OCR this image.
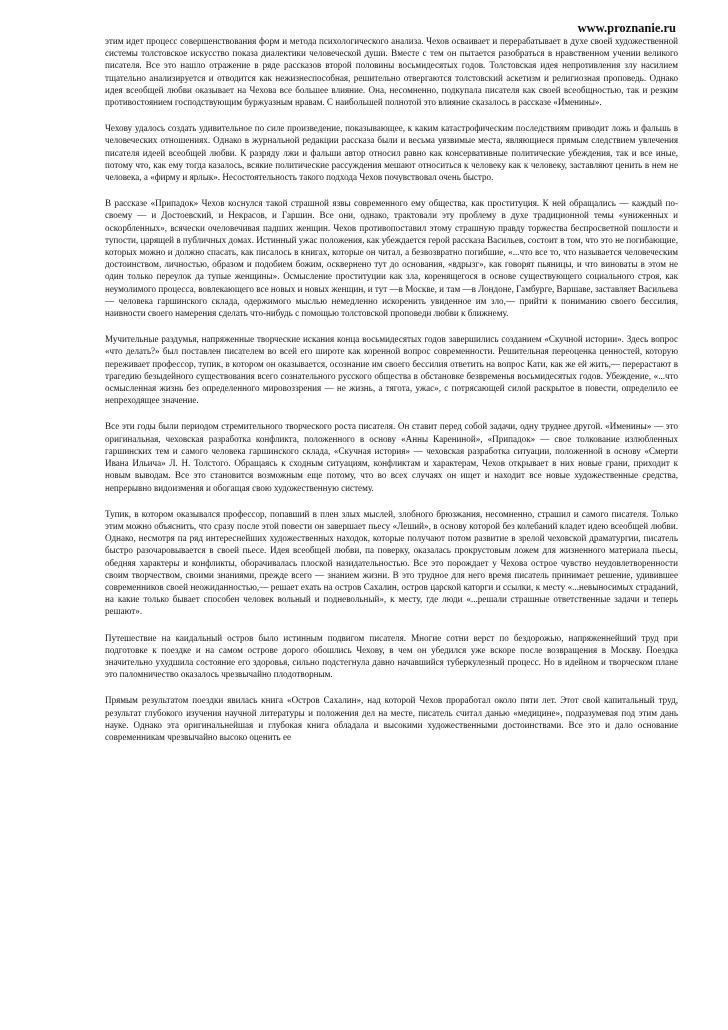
www.proznanie.ru

этим идет процесс совершенствования форм и метода психологического анализа. Чехов осваивает и перерабатывает в духе своей художественной системы толстовское искусство показа диалектики человеческой души. Вместе с тем он пытается разобраться в нравственном учении великого писателя. Все это нашло отражение в ряде рассказов второй половины восьмидесятых годов. Толстовская идея непротивления злу насилием тщательно анализируется и отводится как нежизнеспособная, решительно отвергаются толстовский аскетизм и религиозная проповедь. Однако идея всеобщей любви оказывает на Чехова все большее влияние. Она, несомненно, подкупала писателя как своей всеобщностью, так и резким противостоянием господствующим буржуазным нравам. С наибольшей полнотой это влияние сказалось в рассказе «Именины».

Чехову удалось создать удивительное по силе произведение, показывающее, к каким катастрофическим последствиям приводит ложь и фальшь в человеческих отношениях. Однако в журнальной редакции рассказа были и весьма уязвимые места, являющиеся прямым следствием увлечения писателя идеей всеобщей любви. К разряду лжи и фальши автор относил равно как консервативные политические убеждения, так и все иные, потому что, как ему тогда казалось, всякие политические рассуждения мешают относиться к человеку как к человеку, заставляют ценить в нем не человека, а «фирму и ярлык». Несостоятельность такого подхода Чехов почувствовал очень быстро.

В рассказе «Припадок» Чехов коснулся такой страшной язвы современного ему общества, как проституция. К ней обращались — каждый по-своему — и Достоевский, и Некрасов, и Гаршин. Все они, однако, трактовали эту проблему в духе традиционной темы «униженных и оскорбленных», всячески очеловечивая падших женщин. Чехов противопоставил этому страшную правду торжества беспросветной пошлости и тупости, царящей в публичных домах. Истинный ужас положения, как убеждается герой рассказа Васильев, состоит в том, что это не погибающие, которых можно и должно спасать, как писалось в книгах, которые он читал, а безвозвратно погибшие, «...что все то, что называется человеческим достоинством, личностью, образом и подобием божим, осквернено тут до основания, «вдрызг», как говорят пьяницы, и что виноваты в этом не один только переулок да тупые женщины». Осмысление проституции как зла, коренящегося в основе существующего социального строя, как неумолимого процесса, вовлекающего все новых и новых женщин, и тут —в Москве, и там —в Лондоне, Гамбурге, Варшаве, заставляет Васильева — человека гаршинского склада, одержимого мыслью немедленно искоренить увиденное им зло,— прийти к пониманию своего бессилия, наивности своего намерения сделать что-нибудь с помощью толстовской проповеди любви к ближнему.

Мучительные раздумья, напряженные творческие искания конца восьмидесятых годов завершились созданием «Скучной истории». Здесь вопрос «что делать?» был поставлен писателем во всей его широте как коренной вопрос современности. Решительная переоценка ценностей, которую переживает профессор, тупик, в котором он оказывается, осознание им своего бессилия ответить на вопрос Кати, как же ей жить,— перерастают в трагедию безыдейного существования всего сознательного русского общества в обстановке безвременья восьмидесятых годов. Убеждение, «...что осмысленная жизнь без определенного мировоззрения — не жизнь, а тягота, ужас», с потрясающей силой раскрытое в повести, определило ее непреходящее значение.

Все эти годы были периодом стремительного творческого роста писателя. Он ставит перед собой задачи, одну труднее другой. «Именины» — это оригинальная, чеховская разработка конфликта, положенного в основу «Анны Карениной», «Припадок» — свое толкование излюбленных гаршинских тем и самого человека гаршинского склада, «Скучная история» — чеховская разработка ситуации, положенной в основу «Смерти Ивана Ильича» Л. Н. Толстого. Обращаясь к сходным ситуациям, конфликтам и характерам, Чехов открывает в них новые грани, приходит к новым выводам. Все это становится возможным еще потому, что во всех случаях он ищет и находит все новые художественные средства, непрерывно видоизменяя и обогащая свою художественную систему.

Тупик, в котором оказывался профессор, попавший в плен злых мыслей, злобного брюзжания, несомненно, страшил и самого писателя. Только этим можно объяснить, что сразу после этой повести он завершает пьесу «Леший», в основу которой без колебаний кладет идею всеобщей любви. Однако, несмотря па ряд интереснейших художественных находок, которые получают потом развитие в зрелой чеховской драматургии, писатель быстро разочаровывается в своей пьесе. Идея всеобщей любви, па поверку, оказалась прокрустовым ложем для жизненного материала пьесы, обедняя характеры и конфликты, оборачивалась плоской назидательностью. Все это порождает у Чехова острое чувство неудовлетворенности своим творчеством, своими знаниями, прежде всего — знанием жизни. В это трудное для него время писатель принимает решение, удивившее современников своей неожиданностью,— решает ехать на остров Сахалин, остров царской каторги и ссылки, к месту «...невыносимых страданий, на какие только бывает способен человек вольный и подневольный», к месту, где люди «...решали страшные ответственные задачи и теперь решают».

Путешествие на каидальный остров было истинным подвигом писателя. Многие сотни верст по бездорожью, напряженнейший труд при подготовке к поездке и на самом острове дорого обошлись Чехову, в чем он убедился уже вскоре после возвращения в Москву. Поездка значительно ухудшила состояние его здоровья, сильно подстегнула давно начавшийся туберкулезный процесс. Но в идейном и творческом плане это паломничество оказалось чрезвычайно плодотворным.

Прямым результатом поездки явилась книга «Остров Сахалин», над которой Чехов проработал около пяти лет. Этот свой капитальный труд, результат глубокого изучения научной литературы и положения дел на месте, писатель считал данью «медицине», подразумевая под этим дань науке. Однако эта оригинальнейшая и глубокая книга обладала и высокими художественными достоинствами. Все это и дало основание современникам чрезвычайно высоко оценить ее
